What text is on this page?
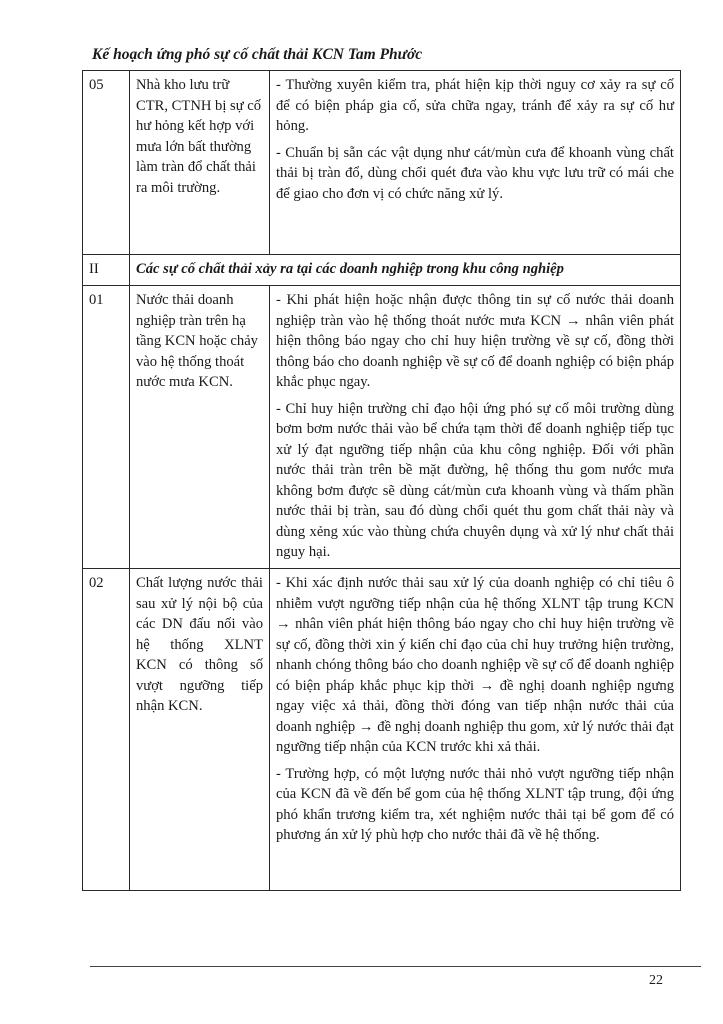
Kế hoạch ứng phó sự cố chất thải KCN Tam Phước
05	Nhà kho lưu trữ CTR, CTNH bị sự cố hư hỏng kết hợp với mưa lớn bất thường làm tràn đổ chất thải ra môi trường.	- Thường xuyên kiểm tra, phát hiện kịp thời nguy cơ xảy ra sự cố để có biện pháp gia cố, sửa chữa ngay, tránh để xảy ra sự cố hư hỏng.

- Chuẩn bị sẵn các vật dụng như cát/mùn cưa để khoanh vùng chất thải bị tràn đổ, dùng chổi quét đưa vào khu vực lưu trữ có mái che để giao cho đơn vị có chức năng xử lý.

II	Các sự cố chất thải xảy ra tại các doanh nghiệp trong khu công nghiệp	
01	Nước thải doanh nghiệp tràn trên hạ tầng KCN hoặc chảy vào hệ thống thoát nước mưa KCN.	- Khi phát hiện hoặc nhận được thông tin sự cố nước thải doanh nghiệp tràn vào hệ thống thoát nước mưa KCN → nhân viên phát hiện thông báo ngay cho chỉ huy hiện trường về sự cố, đồng thời thông báo cho doanh nghiệp về sự cố để doanh nghiệp có biện pháp khắc phục ngay.

- Chỉ huy hiện trường chỉ đạo hội ứng phó sự cố môi trường dùng bơm bơm nước thải vào bể chứa tạm thời để doanh nghiệp tiếp tục xử lý đạt ngưỡng tiếp nhận của khu công nghiệp. Đối với phần nước thải tràn trên bề mặt đường, hệ thống thu gom nước mưa không bơm được sẽ dùng cát/mùn cưa khoanh vùng và thấm phần nước thải bị tràn, sau đó dùng chổi quét thu gom chất thải này và dùng xẻng xúc vào thùng chứa chuyên dụng và xử lý như chất thải nguy hại.

02	Chất lượng nước thải sau xử lý nội bộ của các DN đấu nối vào hệ thống XLNT KCN có thông số vượt ngưỡng tiếp nhận KCN.	- Khi xác định nước thải sau xử lý của doanh nghiệp có chỉ tiêu ô nhiễm vượt ngưỡng tiếp nhận của hệ thống XLNT tập trung KCN → nhân viên phát hiện thông báo ngay cho chỉ huy hiện trường về sự cố, đồng thời xin ý kiến chỉ đạo của chỉ huy trưởng hiện trường, nhanh chóng thông báo cho doanh nghiệp về sự cố để doanh nghiệp có biện pháp khắc phục kịp thời → đề nghị doanh nghiệp ngưng ngay việc xả thải, đồng thời đóng van tiếp nhận nước thải của doanh nghiệp → đề nghị doanh nghiệp thu gom, xử lý nước thải đạt ngưỡng tiếp nhận của KCN trước khi xả thải.

- Trường hợp, có một lượng nước thải nhỏ vượt ngưỡng tiếp nhận của KCN đã về đến bể gom của hệ thống XLNT tập trung, đội ứng phó khẩn trương kiểm tra, xét nghiệm nước thải tại bể gom để có phương án xử lý phù hợp cho nước thải đã về hệ thống.

22
